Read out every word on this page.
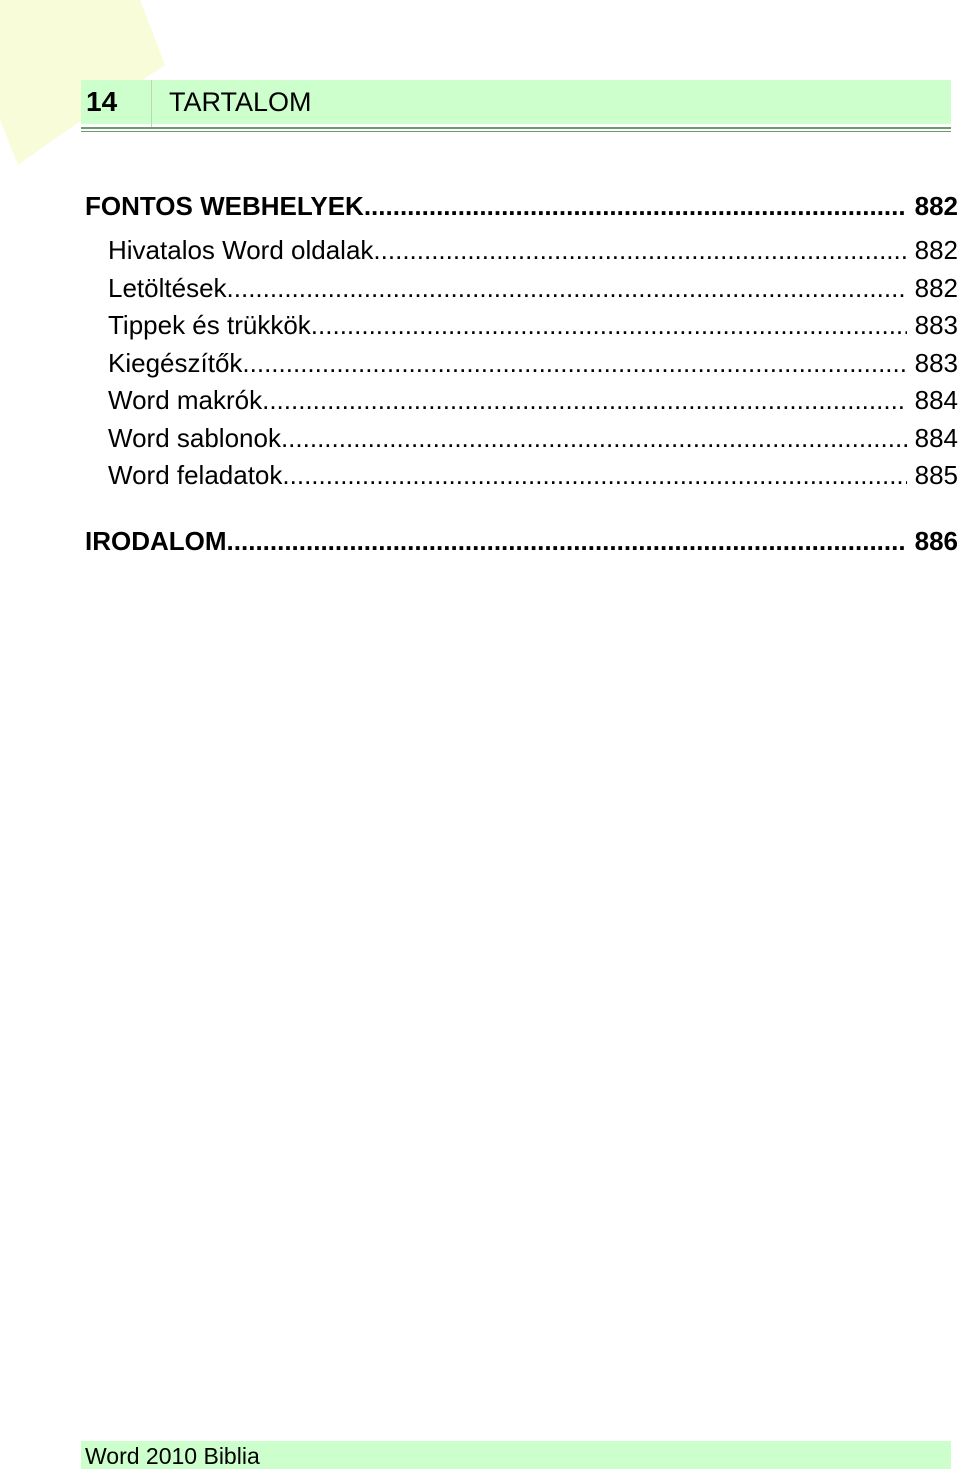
14	TARTALOM
FONTOS WEBHELYEK .....	882
Hivatalos Word oldalak .....	882
Letöltések .....	882
Tippek és trükkök .....	883
Kiegészítők .....	883
Word makrók .....	884
Word sablonok .....	884
Word feladatok .....	885
IRODALOM .....	886
Word 2010 Biblia
